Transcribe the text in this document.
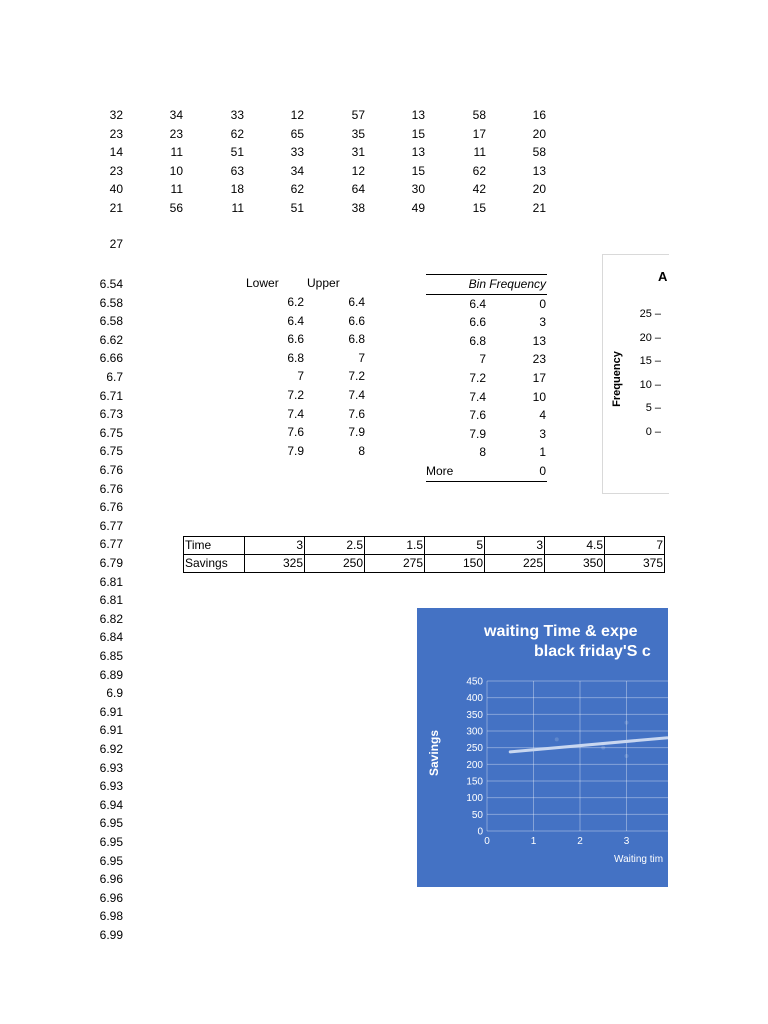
32	34	33	12	57	13	58	16
23	23	62	65	35	15	17	20
14	11	51	33	31	13	11	58
23	10	63	34	12	15	62	13
40	11	18	62	64	30	42	20
21	56	11	51	38	49	15	21
27
6.54
6.58
6.58
6.62
6.66
6.7
6.71
6.73
6.75
6.75
6.76
6.76
6.76
6.77
6.77
6.79
6.81
6.81
6.82
6.84
6.85
6.89
6.9
6.91
6.91
6.92
6.93
6.93
6.94
6.95
6.95
6.95
6.96
6.96
6.98
6.99
Lower Upper
6.2	6.4
6.4	6.6
6.6	6.8
6.8	7
7	7.2
7.2	7.4
7.4	7.6
7.6	7.9
7.9	8
Bin Frequency
6.4	0
6.6	3
6.8	13
7	23
7.2	17
7.4	10
7.6	4
7.9	3
8	1
More	0
A
Frequency
25 –
20 –
15 –
10 –
5 –
0 –
Time	3	2.5	1.5	5	3	4.5	7
Savings	325	250	275	150	225	350	375
waiting Time & expe
black friday'S c
Savings
Waiting tim
450
400
350
300
250
200
150
100
50
0
0	1	2	3
